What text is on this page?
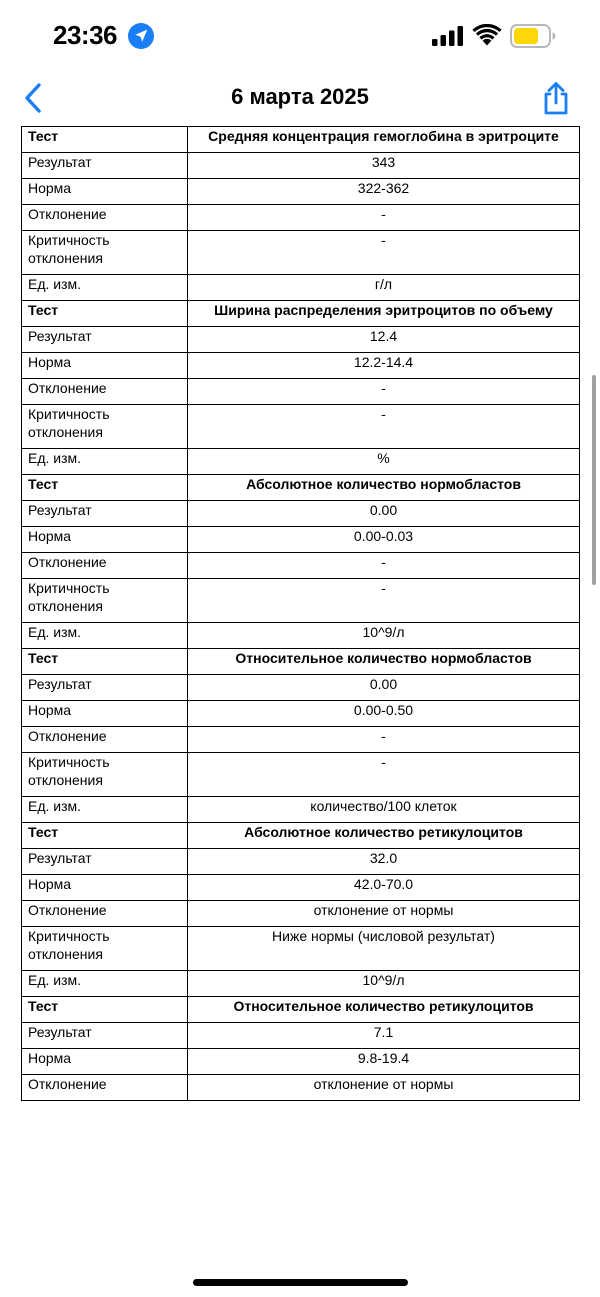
23:36
6 марта 2025
Тест	Средняя концентрация гемоглобина в эритроците
Результат	343
Норма	322-362
Отклонение	-
Критичность отклонения	-
Ед. изм.	г/л
Тест	Ширина распределения эритроцитов по объему
Результат	12.4
Норма	12.2-14.4
Отклонение	-
Критичность отклонения	-
Ед. изм.	%
Тест	Абсолютное количество нормобластов
Результат	0.00
Норма	0.00-0.03
Отклонение	-
Критичность отклонения	-
Ед. изм.	10^9/л
Тест	Относительное количество нормобластов
Результат	0.00
Норма	0.00-0.50
Отклонение	-
Критичность отклонения	-
Ед. изм.	количество/100 клеток
Тест	Абсолютное количество ретикулоцитов
Результат	32.0
Норма	42.0-70.0
Отклонение	отклонение от нормы
Критичность отклонения	Ниже нормы (числовой результат)
Ед. изм.	10^9/л
Тест	Относительное количество ретикулоцитов
Результат	7.1
Норма	9.8-19.4
Отклонение	отклонение от нормы
